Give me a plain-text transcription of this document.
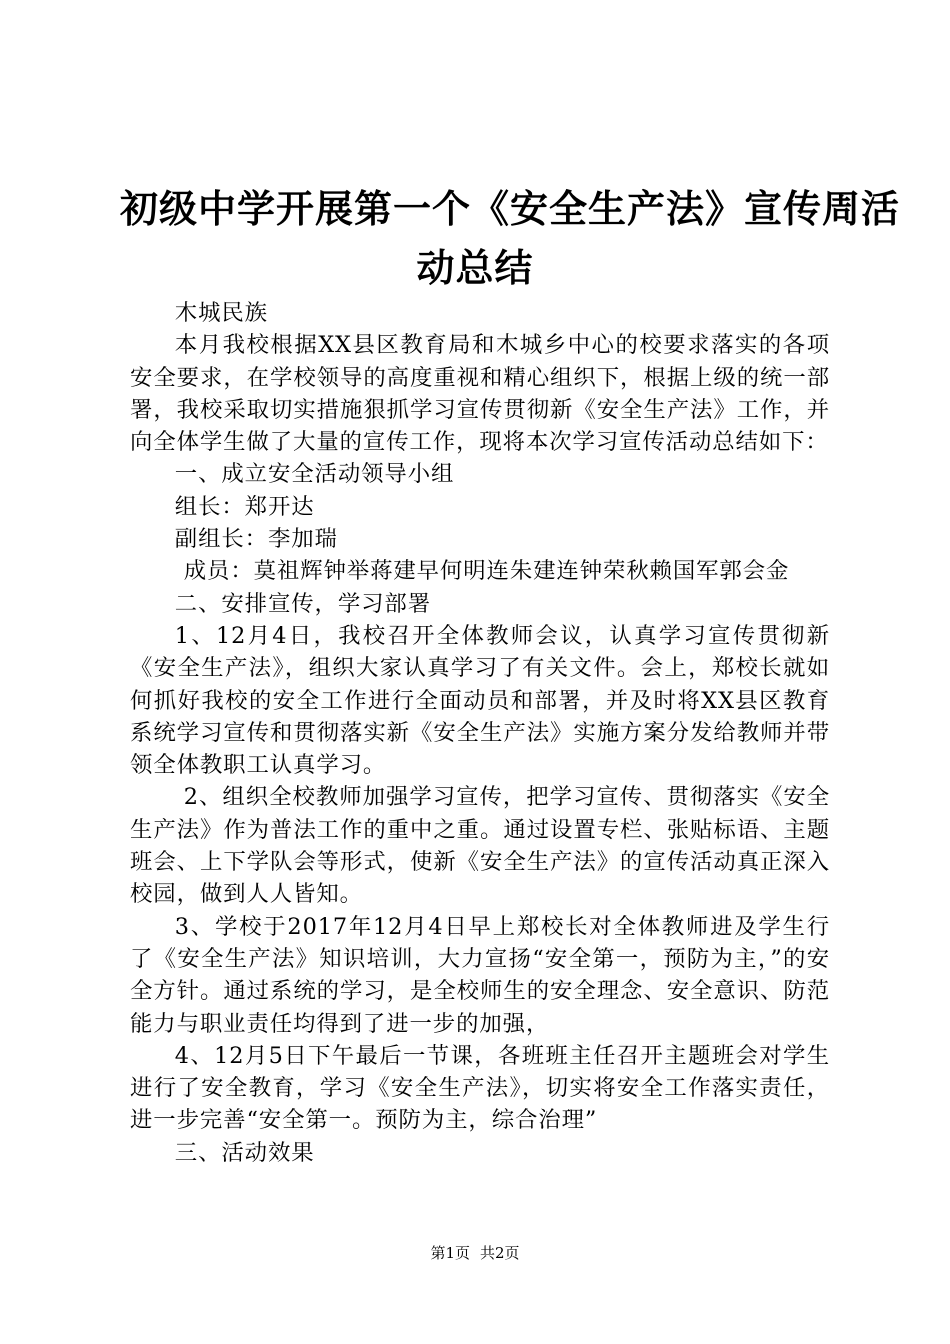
初级中学开展第一个《安全生产法》宣传周活
动总结

木城民族

本月我校根据XX县区教育局和木城乡中心的校要求落实的各项安全要求，在学校领导的高度重视和精心组织下，根据上级的统一部署，我校采取切实措施狠抓学习宣传贯彻新《安全生产法》工作，并向全体学生做了大量的宣传工作，现将本次学习宣传活动总结如下：

一、成立安全活动领导小组

组长：郑开达

副组长：李加瑞

成员：莫祖辉钟举蒋建早何明连朱建连钟荣秋赖国军郭会金

二、安排宣传，学习部署

1、12月4日，我校召开全体教师会议，认真学习宣传贯彻新《安全生产法》，组织大家认真学习了有关文件。会上，郑校长就如何抓好我校的安全工作进行全面动员和部署，并及时将XX县区教育系统学习宣传和贯彻落实新《安全生产法》实施方案分发给教师并带领全体教职工认真学习。

2、组织全校教师加强学习宣传，把学习宣传、贯彻落实《安全生产法》作为普法工作的重中之重。通过设置专栏、张贴标语、主题班会、上下学队会等形式，使新《安全生产法》的宣传活动真正深入校园，做到人人皆知。

3、学校于2017年12月4日早上郑校长对全体教师进及学生行了《安全生产法》知识培训，大力宣扬“安全第一，预防为主，”的安全方针。通过系统的学习，是全校师生的安全理念、安全意识、防范能力与职业责任均得到了进一步的加强，

4、12月5日下午最后一节课，各班班主任召开主题班会对学生进行了安全教育，学习《安全生产法》，切实将安全工作落实责任，进一步完善“安全第一。预防为主，综合治理”

三、活动效果

第1页 共2页
